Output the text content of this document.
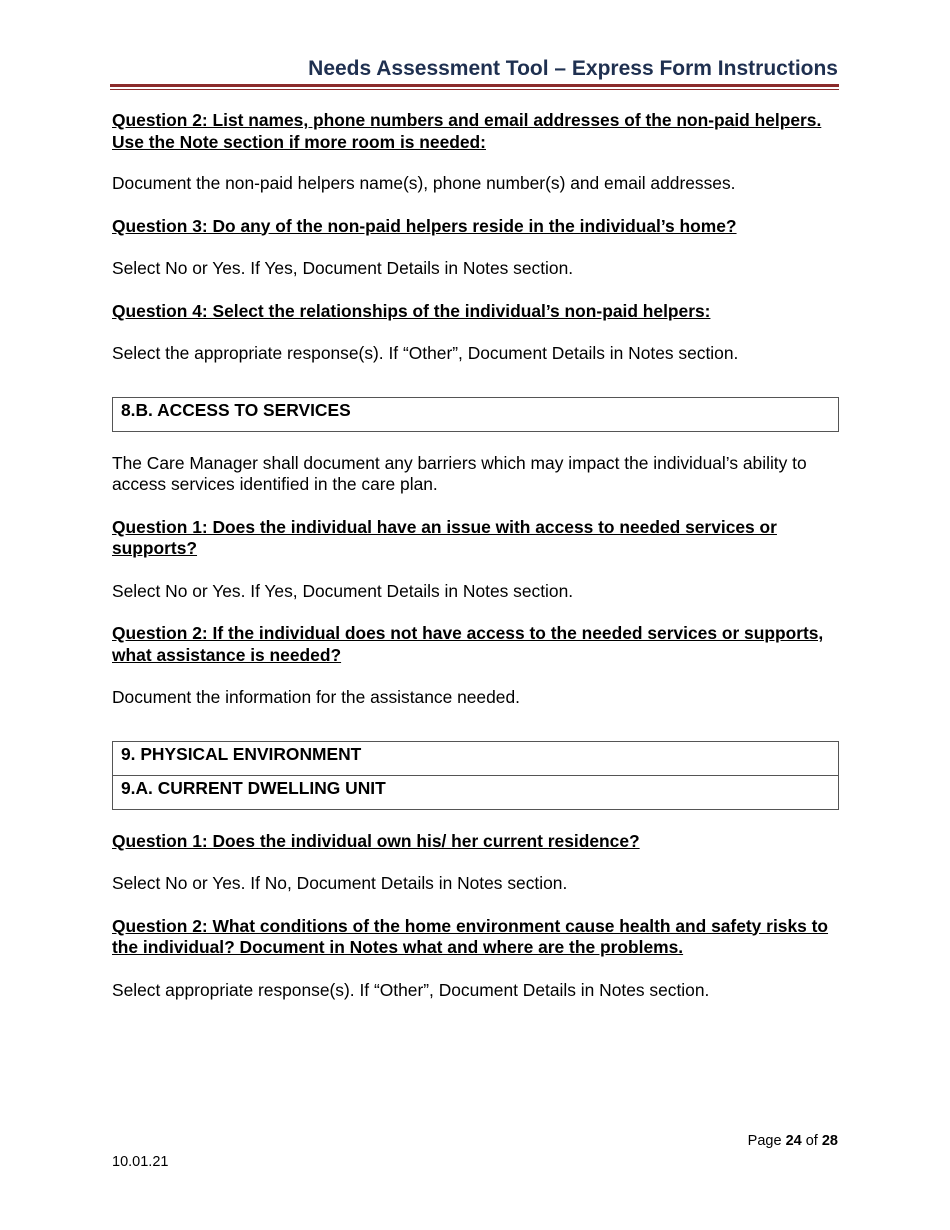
Needs Assessment Tool – Express Form Instructions

Question 2: List names, phone numbers and email addresses of the non-paid helpers. Use the Note section if more room is needed:

Document the non-paid helpers name(s), phone number(s) and email addresses.

Question 3: Do any of the non-paid helpers reside in the individual’s home?

Select No or Yes. If Yes, Document Details in Notes section.

Question 4: Select the relationships of the individual’s non-paid helpers:

Select the appropriate response(s). If “Other”, Document Details in Notes section.

8.B. ACCESS TO SERVICES

The Care Manager shall document any barriers which may impact the individual’s ability to access services identified in the care plan.

Question 1: Does the individual have an issue with access to needed services or supports?

Select No or Yes. If Yes, Document Details in Notes section.

Question 2: If the individual does not have access to the needed services or supports, what assistance is needed?

Document the information for the assistance needed.

9. PHYSICAL ENVIRONMENT
9.A. CURRENT DWELLING UNIT

Question 1: Does the individual own his/ her current residence?

Select No or Yes. If No, Document Details in Notes section.

Question 2: What conditions of the home environment cause health and safety risks to the individual? Document in Notes what and where are the problems.

Select appropriate response(s). If “Other”, Document Details in Notes section.

Page 24 of 28
10.01.21
